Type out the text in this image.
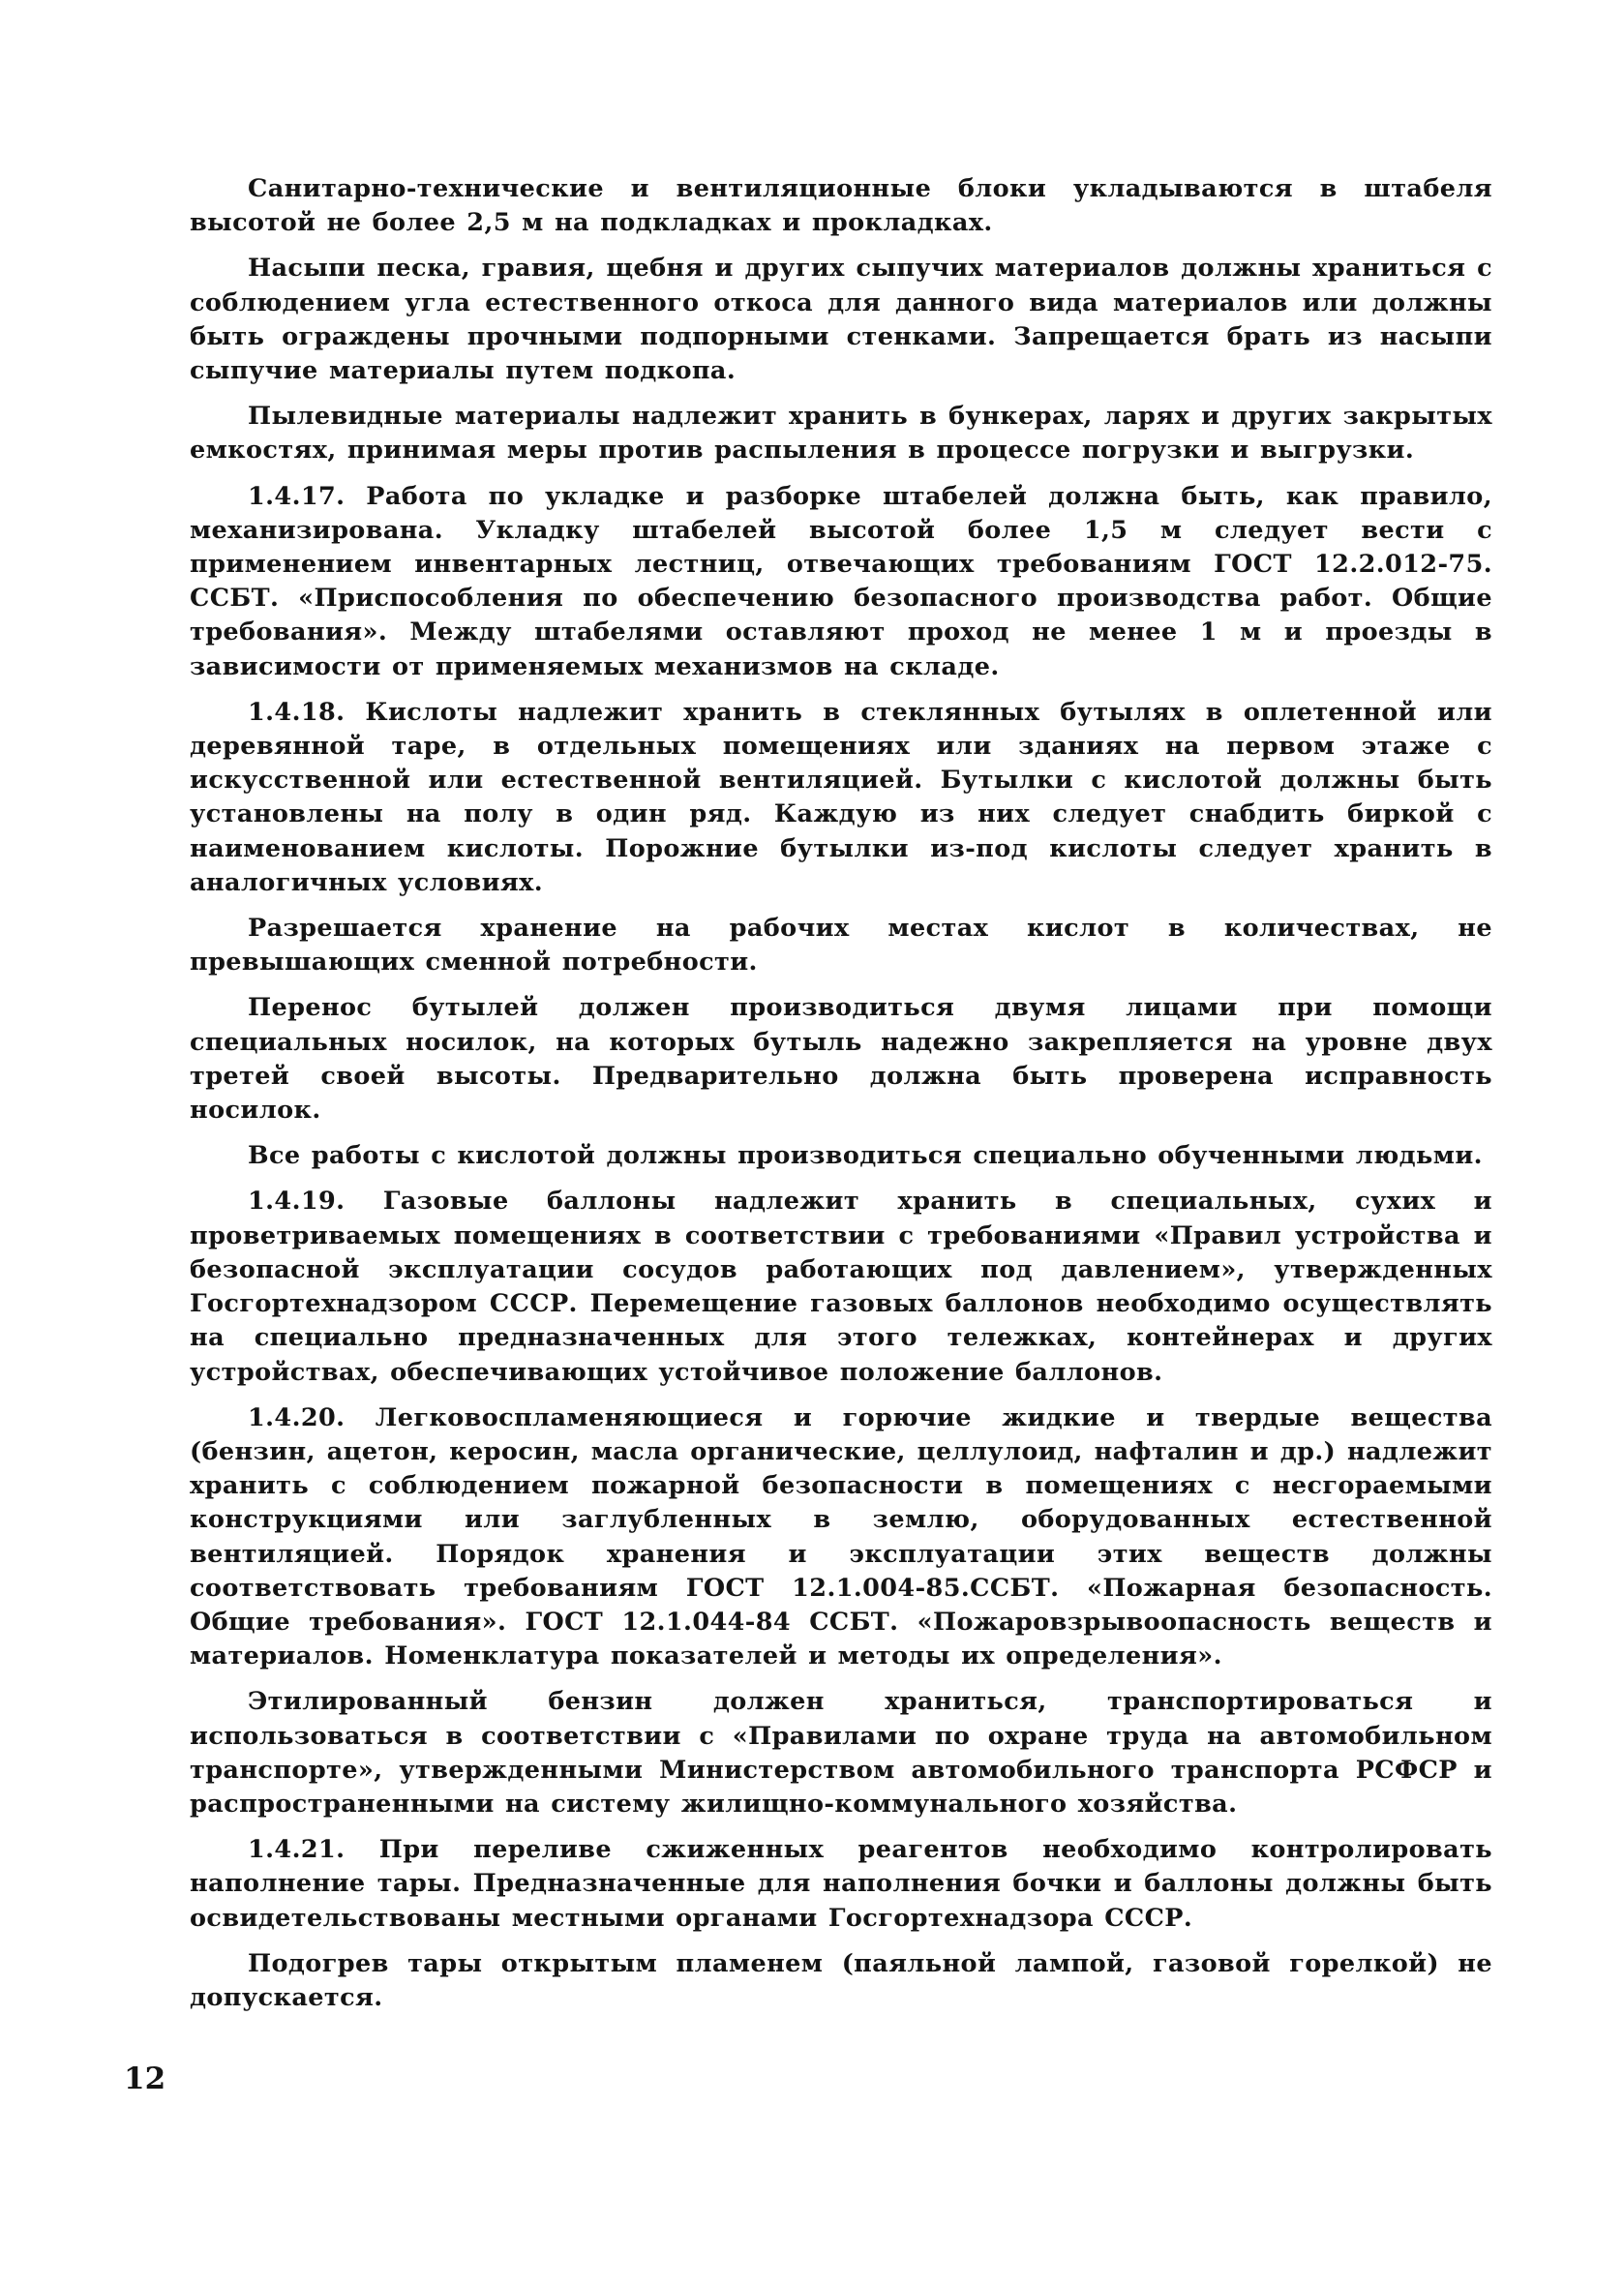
Санитарно-технические и вентиляционные блоки укладываются в штабеля высотой не более 2,5 м на подкладках и прокладках.

Насыпи песка, гравия, щебня и других сыпучих материалов должны храниться с соблюдением угла естественного откоса для данного вида материалов или должны быть ограждены прочными подпорными стенками. Запрещается брать из насыпи сыпучие материалы путем подкопа.

Пылевидные материалы надлежит хранить в бункерах, ларях и других закрытых емкостях, принимая меры против распыления в процессе погрузки и выгрузки.

1.4.17. Работа по укладке и разборке штабелей должна быть, как правило, механизирована. Укладку штабелей высотой более 1,5 м следует вести с применением инвентарных лестниц, отвечающих требованиям ГОСТ 12.2.012-75. ССБТ. «Приспособления по обеспечению безопасного производства работ. Общие требования». Между штабелями оставляют проход не менее 1 м и проезды в зависимости от применяемых механизмов на складе.

1.4.18. Кислоты надлежит хранить в стеклянных бутылях в оплетенной или деревянной таре, в отдельных помещениях или зданиях на первом этаже с искусственной или естественной вентиляцией. Бутылки с кислотой должны быть установлены на полу в один ряд. Каждую из них следует снабдить биркой с наименованием кислоты. Порожние бутылки из-под кислоты следует хранить в аналогичных условиях.

Разрешается хранение на рабочих местах кислот в количествах, не превышающих сменной потребности.

Перенос бутылей должен производиться двумя лицами при помощи специальных носилок, на которых бутыль надежно закрепляется на уровне двух третей своей высоты. Предварительно должна быть проверена исправность носилок.

Все работы с кислотой должны производиться специально обученными людьми.

1.4.19. Газовые баллоны надлежит хранить в специальных, сухих и проветриваемых помещениях в соответствии с требованиями «Правил устройства и безопасной эксплуатации сосудов работающих под давлением», утвержденных Госгортехнадзором СССР. Перемещение газовых баллонов необходимо осуществлять на специально предназначенных для этого тележках, контейнерах и других устройствах, обеспечивающих устойчивое положение баллонов.

1.4.20. Легковоспламеняющиеся и горючие жидкие и твердые вещества (бензин, ацетон, керосин, масла органические, целлулоид, нафталин и др.) надлежит хранить с соблюдением пожарной безопасности в помещениях с несгораемыми конструкциями или заглубленных в землю, оборудованных естественной вентиляцией. Порядок хранения и эксплуатации этих веществ должны соответствовать требованиям ГОСТ 12.1.004-85.ССБТ. «Пожарная безопасность. Общие требования». ГОСТ 12.1.044-84 ССБТ. «Пожаровзрывоопасность веществ и материалов. Номенклатура показателей и методы их определения».

Этилированный бензин должен храниться, транспортироваться и использоваться в соответствии с «Правилами по охране труда на автомобильном транспорте», утвержденными Министерством автомобильного транспорта РСФСР и распространенными на систему жилищно-коммунального хозяйства.

1.4.21. При переливе сжиженных реагентов необходимо контролировать наполнение тары. Предназначенные для наполнения бочки и баллоны должны быть освидетельствованы местными органами Госгортехнадзора СССР.

Подогрев тары открытым пламенем (паяльной лампой, газовой горелкой) не допускается.

12
